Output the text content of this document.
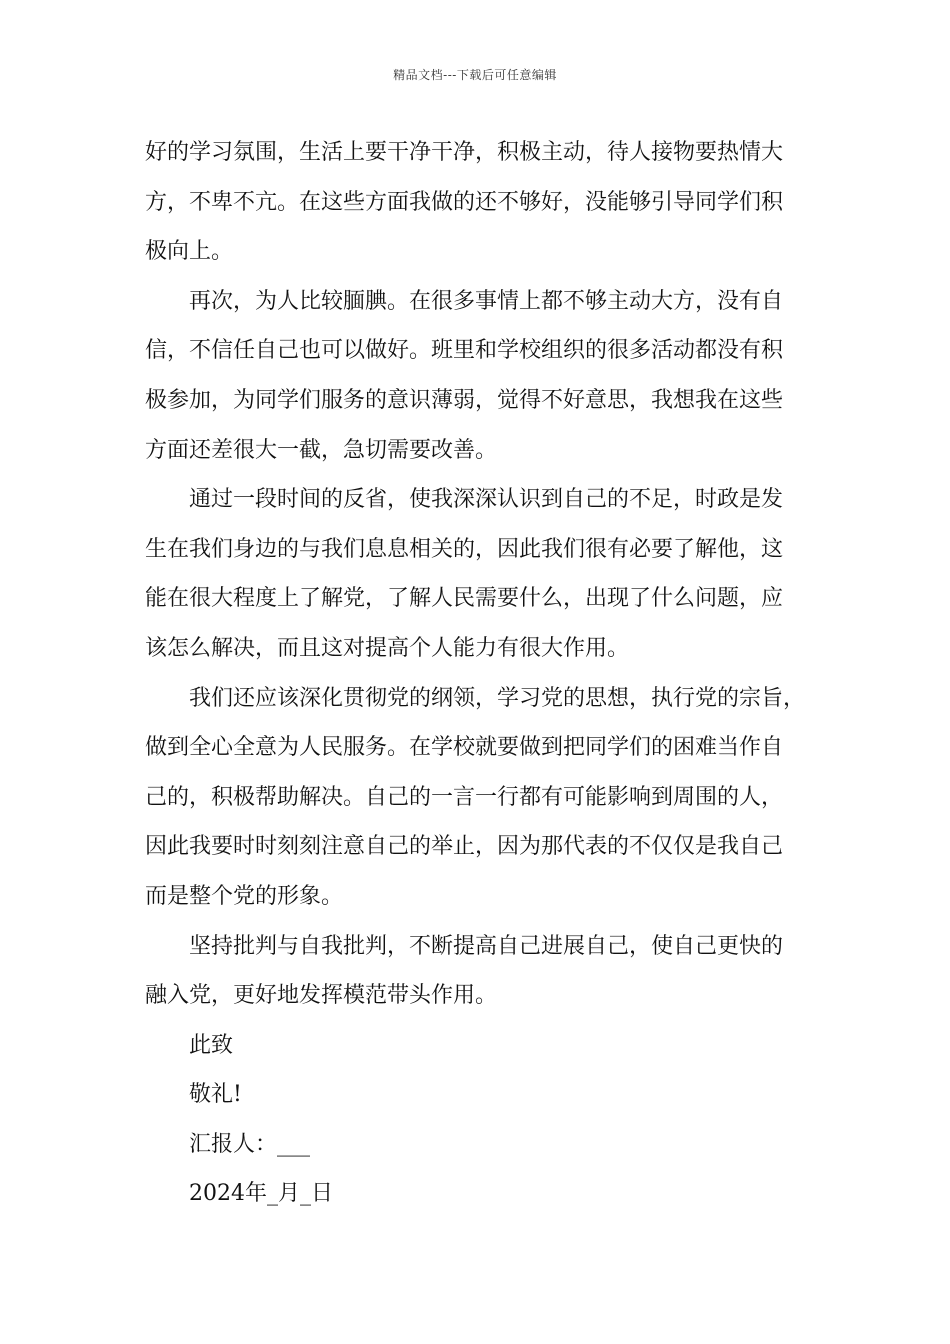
精品文档---下载后可任意编辑
好的学习氛围，生活上要干净干净，积极主动，待人接物要热情大
方，不卑不亢。在这些方面我做的还不够好，没能够引导同学们积
极向上。
再次，为人比较腼腆。在很多事情上都不够主动大方，没有自
信，不信任自己也可以做好。班里和学校组织的很多活动都没有积
极参加，为同学们服务的意识薄弱，觉得不好意思，我想我在这些
方面还差很大一截，急切需要改善。
通过一段时间的反省，使我深深认识到自己的不足，时政是发
生在我们身边的与我们息息相关的，因此我们很有必要了解他，这
能在很大程度上了解党，了解人民需要什么，出现了什么问题，应
该怎么解决，而且这对提高个人能力有很大作用。
我们还应该深化贯彻党的纲领，学习党的思想，执行党的宗旨，
做到全心全意为人民服务。在学校就要做到把同学们的困难当作自
己的，积极帮助解决。自己的一言一行都有可能影响到周围的人，
因此我要时时刻刻注意自己的举止，因为那代表的不仅仅是我自己
而是整个党的形象。
坚持批判与自我批判，不断提高自己进展自己，使自己更快的
融入党，更好地发挥模范带头作用。
此致
敬礼!
汇报人：___
2024年_月_日
